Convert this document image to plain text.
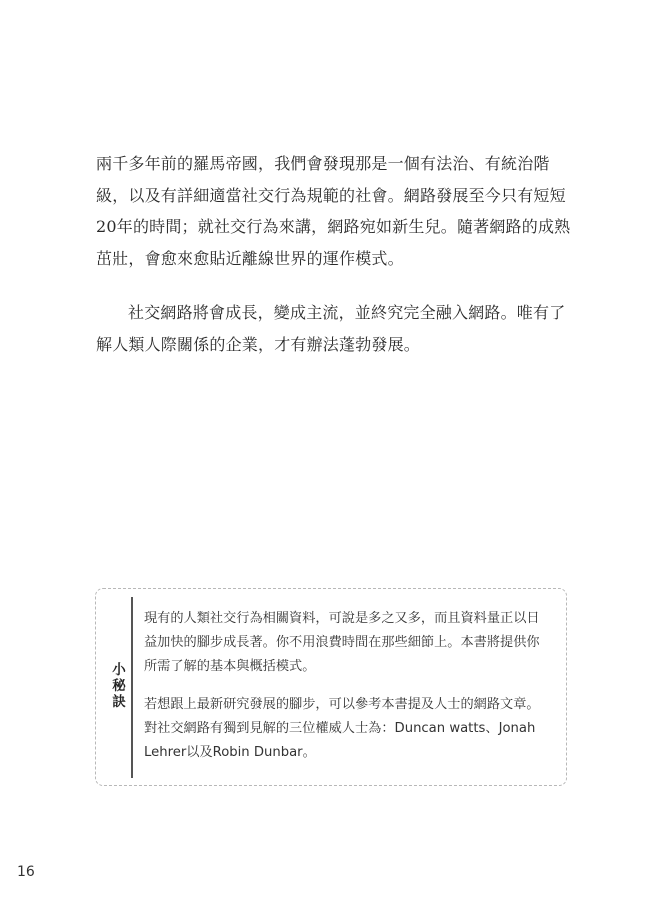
兩千多年前的羅馬帝國，我們會發現那是一個有法治、有統治階級，以及有詳細適當社交行為規範的社會。網路發展至今只有短短20年的時間；就社交行為來講，網路宛如新生兒。隨著網路的成熟茁壯，會愈來愈貼近離線世界的運作模式。

社交網路將會成長，變成主流，並終究完全融入網路。唯有了解人類人際關係的企業，才有辦法蓬勃發展。

小
秘
訣

現有的人類社交行為相關資料，可說是多之又多，而且資料量正以日益加快的腳步成長著。你不用浪費時間在那些細節上。本書將提供你所需了解的基本與概括模式。

若想跟上最新研究發展的腳步，可以參考本書提及人士的網路文章。對社交網路有獨到見解的三位權威人士為：Duncan watts、Jonah Lehrer以及Robin Dunbar。

16
